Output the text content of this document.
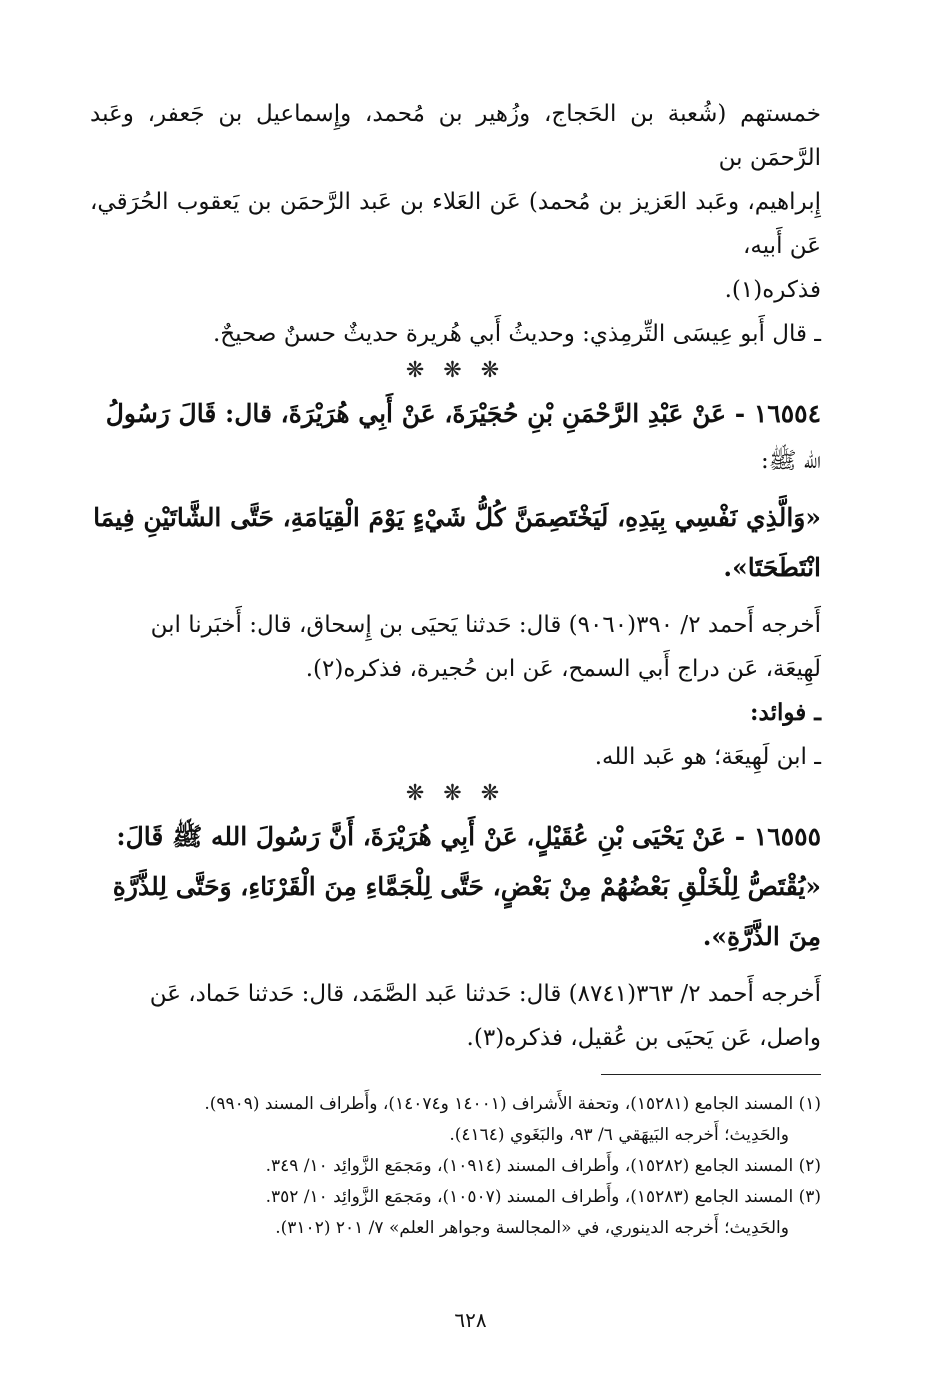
خمستهم (شُعبة بن الحَجاج، وزُهير بن مُحمد، وإِسماعيل بن جَعفر، وعَبد الرَّحمَن بن

إِبراهيم، وعَبد العَزيز بن مُحمد) عَن العَلاء بن عَبد الرَّحمَن بن يَعقوب الحُرَقي، عَن أَبيه،

فذكره(١).

ـ قال أَبو عِيسَى التِّرمِذي: وحديثُ أَبي هُريرة حديثٌ حسنٌ صحيحٌ.

❋ ❋ ❋

١٦٥٥٤ - عَنْ عَبْدِ الرَّحْمَنِ بْنِ حُجَيْرَةَ، عَنْ أَبِي هُرَيْرَةَ، قال: قَالَ رَسُولُ

الله ﷺ:

«وَالَّذِي نَفْسِي بِيَدِهِ، لَيَخْتَصِمَنَّ كُلُّ شَيْءٍ يَوْمَ الْقِيَامَةِ، حَتَّى الشَّاتَيْنِ فِيمَا

انْتَطَحَتَا».

أَخرجه أَحمد ٢/ ٣٩٠(٩٠٦٠) قال: حَدثنا يَحيَى بن إِسحاق، قال: أَخبَرنا ابن

لَهِيعَة، عَن دراج أَبي السمح، عَن ابن حُجيرة، فذكره(٢).

ـ فوائد:

ـ ابن لَهِيعَة؛ هو عَبد الله.

❋ ❋ ❋

١٦٥٥٥ - عَنْ يَحْيَى بْنِ عُقَيْلٍ، عَنْ أَبِي هُرَيْرَةَ، أَنَّ رَسُولَ الله ﷺ قَالَ:

«يُقْتَصُّ لِلْخَلْقِ بَعْضُهُمْ مِنْ بَعْضٍ، حَتَّى لِلْجَمَّاءِ مِنَ الْقَرْنَاءِ، وَحَتَّى لِلذَّرَّةِ

مِنَ الذَّرَّةِ».

أَخرجه أَحمد ٢/ ٣٦٣(٨٧٤١) قال: حَدثنا عَبد الصَّمَد، قال: حَدثنا حَماد، عَن

واصل، عَن يَحيَى بن عُقيل، فذكره(٣).

(١) المسند الجامع (١٥٢٨١)، وتحفة الأَشراف (١٤٠٠١ و١٤٠٧٤)، وأَطراف المسند (٩٩٠٩).

والحَدِيث؛ أَخرجه البَيهَقي ٦/ ٩٣، والبَغَوي (٤١٦٤).

(٢) المسند الجامع (١٥٢٨٢)، وأَطراف المسند (١٠٩١٤)، ومَجمَع الزَّوائِد ١٠/ ٣٤٩.

(٣) المسند الجامع (١٥٢٨٣)، وأَطراف المسند (١٠٥٠٧)، ومَجمَع الزَّوائِد ١٠/ ٣٥٢.

والحَدِيث؛ أَخرجه الدينوري، في «المجالسة وجواهر العلم» ٧/ ٢٠١ (٣١٠٢).

٦٢٨
